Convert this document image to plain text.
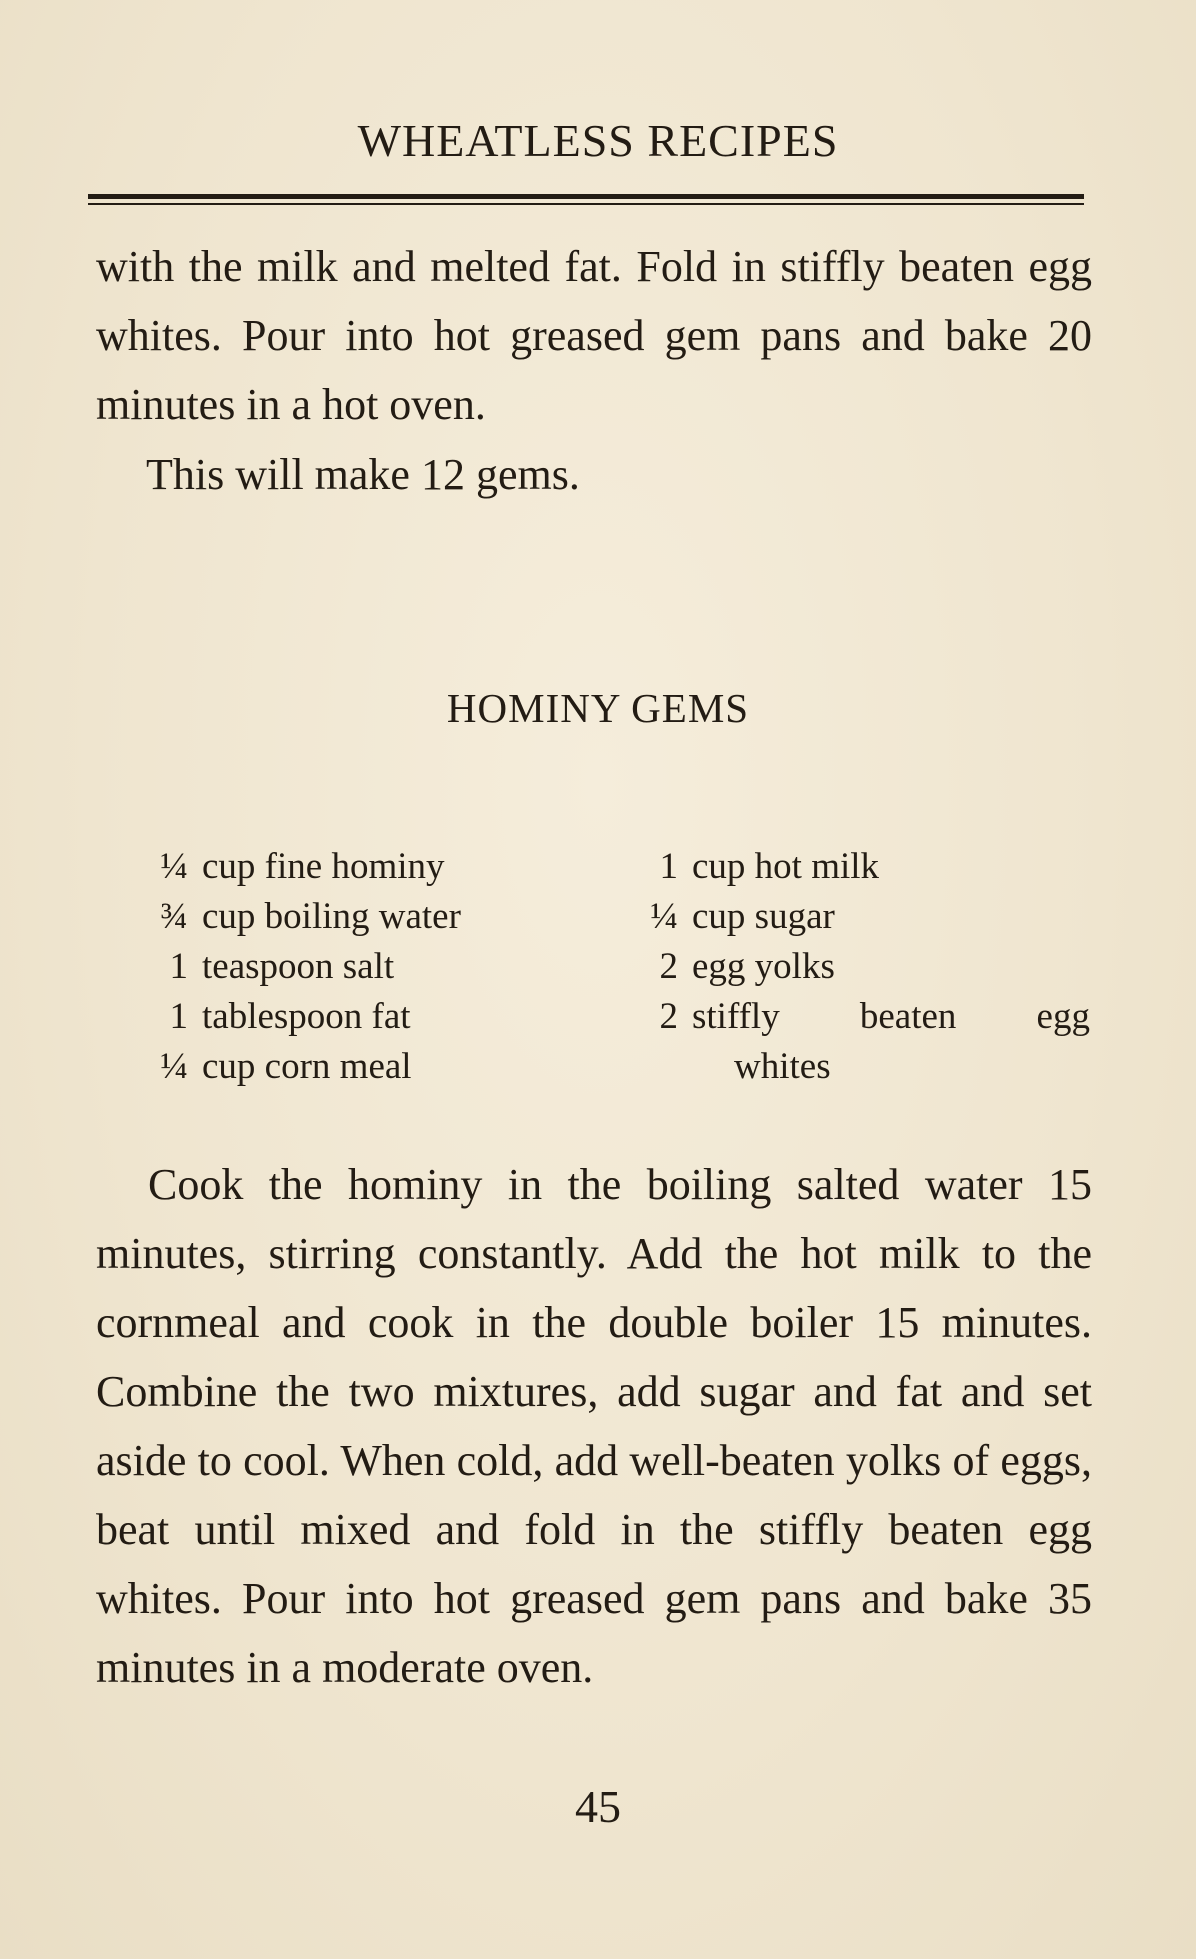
WHEATLESS RECIPES

with the milk and melted fat. Fold in stiffly beaten egg whites. Pour into hot greased gem pans and bake 20 minutes in a hot oven.

This will make 12 gems.

HOMINY GEMS
¼ cup fine hominy
¾ cup boiling water
1 teaspoon salt
1 tablespoon fat
¼ cup corn meal
1 cup hot milk
¼ cup sugar
2 egg yolks
2 stiffly beaten egg
whites

Cook the hominy in the boiling salted water 15 minutes, stirring constantly. Add the hot milk to the cornmeal and cook in the double boiler 15 minutes. Combine the two mixtures, add sugar and fat and set aside to cool. When cold, add well-beaten yolks of eggs, beat until mixed and fold in the stiffly beaten egg whites. Pour into hot greased gem pans and bake 35 minutes in a moderate oven.

45
